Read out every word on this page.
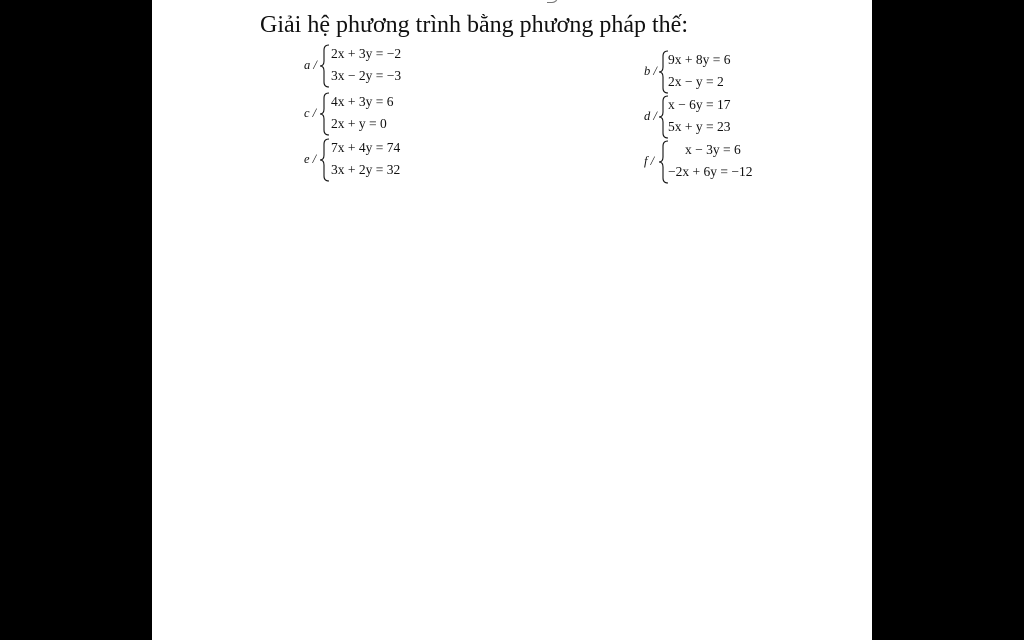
Giải hệ phương trình bằng phương pháp thế:
a /
2x + 3y = −2
3x − 2y = −3	b /
9x + 8y = 6
2x − y = 2
c /
4x + 3y = 6
2x + y = 0	d /
x − 6y = 17
5x + y = 23
e /
7x + 4y = 74
3x + 2y = 32
f /
x − 3y = 6
−2x + 6y = −12
